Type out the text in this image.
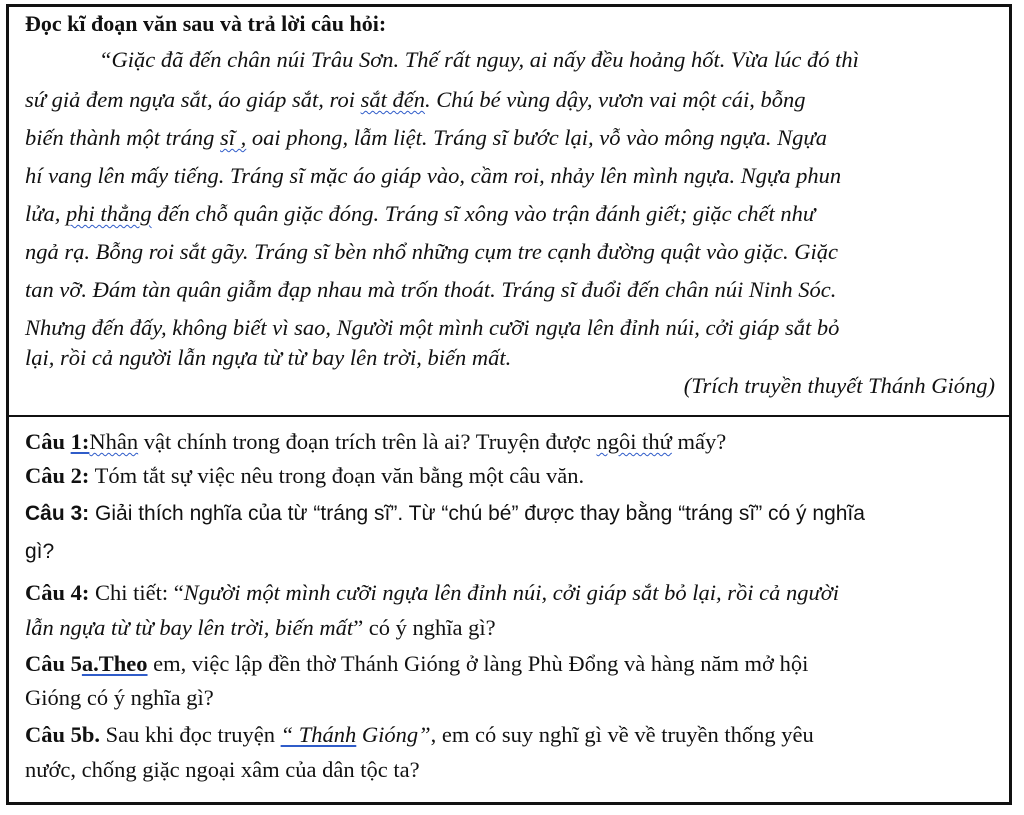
Đọc kĩ đoạn văn sau và trả lời câu hỏi:
“Giặc đã đến chân núi Trâu Sơn. Thế rất nguy, ai nấy đều hoảng hốt. Vừa lúc đó thì
sứ giả đem ngựa sắt, áo giáp sắt, roi sắt đến. Chú bé vùng dậy, vươn vai một cái, bỗng
biến thành một tráng sĩ , oai phong, lẫm liệt. Tráng sĩ bước lại, vỗ vào mông ngựa. Ngựa
hí vang lên mấy tiếng. Tráng sĩ mặc áo giáp vào, cầm roi, nhảy lên mình ngựa. Ngựa phun
lửa, phi thẳng đến chỗ quân giặc đóng. Tráng sĩ xông vào trận đánh giết; giặc chết như
ngả rạ. Bỗng roi sắt gãy. Tráng sĩ bèn nhổ những cụm tre cạnh đường quật vào giặc. Giặc
tan vỡ. Đám tàn quân giẫm đạp nhau mà trốn thoát. Tráng sĩ đuổi đến chân núi Ninh Sóc.
Nhưng đến đấy, không biết vì sao, Người một mình cưỡi ngựa lên đỉnh núi, cởi giáp sắt bỏ
lại, rồi cả người lẫn ngựa từ từ bay lên trời, biến mất.
(Trích truyền thuyết Thánh Gióng)
Câu 1:Nhân vật chính trong đoạn trích trên là ai? Truyện được ngôi thứ mấy?
Câu 2: Tóm tắt sự việc nêu trong đoạn văn bằng một câu văn.
Câu 3: Giải thích nghĩa của từ “tráng sĩ”. Từ “chú bé” được thay bằng “tráng sĩ” có ý nghĩa
gì?
Câu 4: Chi tiết: “Người một mình cưỡi ngựa lên đỉnh núi, cởi giáp sắt bỏ lại, rồi cả người
lẫn ngựa từ từ bay lên trời, biến mất” có ý nghĩa gì?
Câu 5a.Theo em, việc lập đền thờ Thánh Gióng ở làng Phù Đổng và hàng năm mở hội
Gióng có ý nghĩa gì?
Câu 5b. Sau khi đọc truyện “ Thánh Gióng”, em có suy nghĩ gì về về truyền thống yêu
nước, chống giặc ngoại xâm của dân tộc ta?
